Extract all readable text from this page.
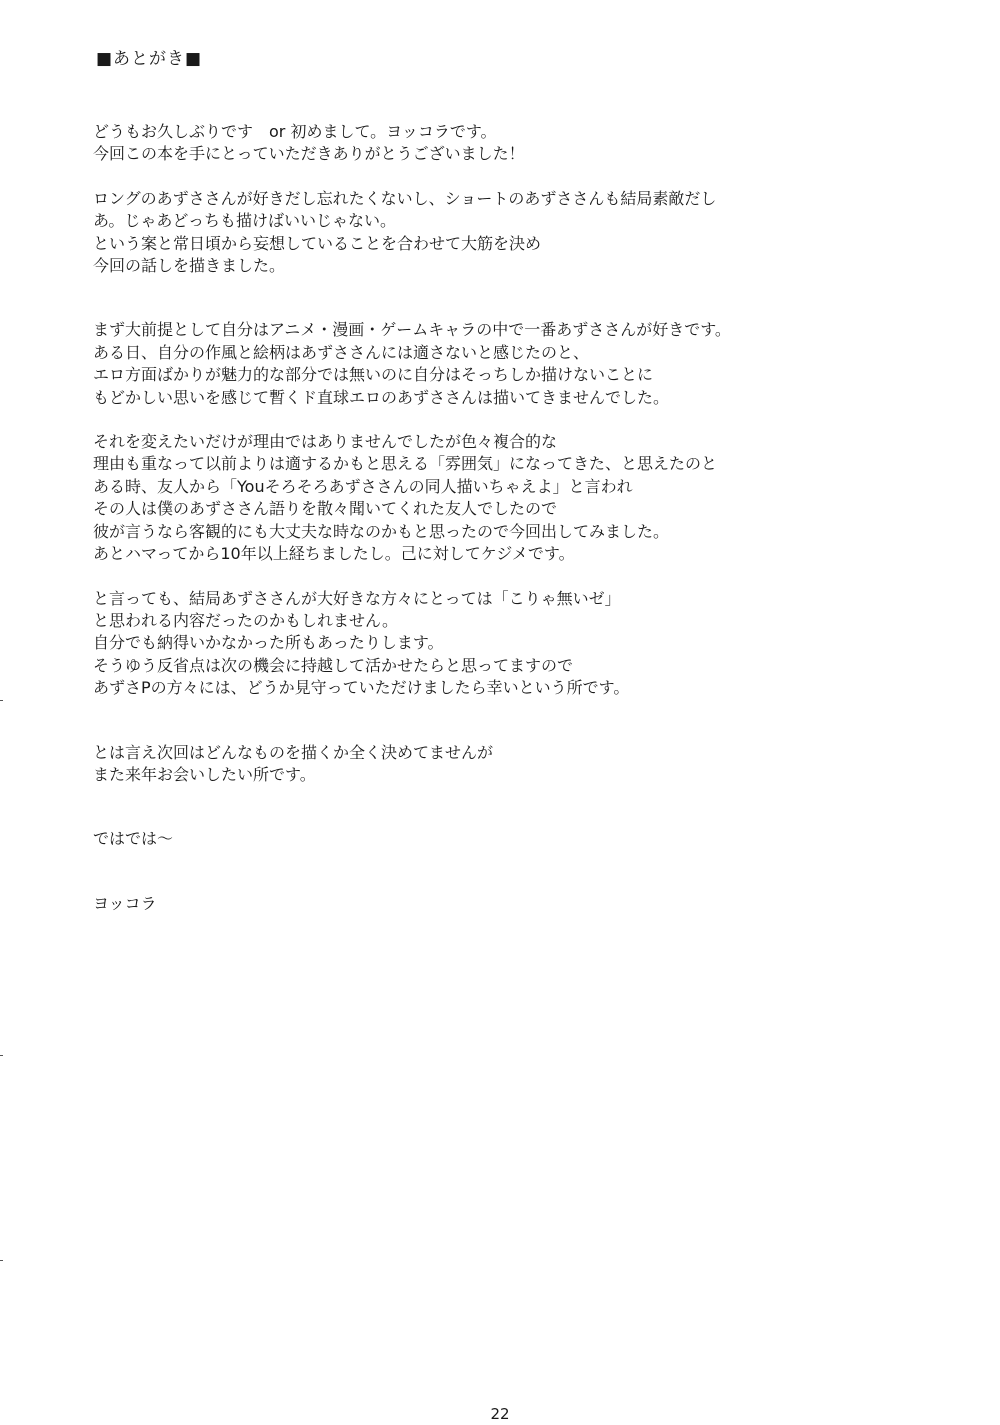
■あとがき■
どうもお久しぶりです　or 初めまして。ヨッコラです。
今回この本を手にとっていただきありがとうございました！
ロングのあずささんが好きだし忘れたくないし、ショートのあずささんも結局素敵だし
あ。じゃあどっちも描けばいいじゃない。
という案と常日頃から妄想していることを合わせて大筋を決め
今回の話しを描きました。
まず大前提として自分はアニメ・漫画・ゲームキャラの中で一番あずささんが好きです。
ある日、自分の作風と絵柄はあずささんには適さないと感じたのと、
エロ方面ばかりが魅力的な部分では無いのに自分はそっちしか描けないことに
もどかしい思いを感じて暫くド直球エロのあずささんは描いてきませんでした。
それを変えたいだけが理由ではありませんでしたが色々複合的な
理由も重なって以前よりは適するかもと思える「雰囲気」になってきた、と思えたのと
ある時、友人から「Youそろそろあずささんの同人描いちゃえよ」と言われ
その人は僕のあずささん語りを散々聞いてくれた友人でしたので
彼が言うなら客観的にも大丈夫な時なのかもと思ったので今回出してみました。
あとハマってから10年以上経ちましたし。己に対してケジメです。
と言っても、結局あずささんが大好きな方々にとっては「こりゃ無いゼ」
と思われる内容だったのかもしれません。
自分でも納得いかなかった所もあったりします。
そうゆう反省点は次の機会に持越して活かせたらと思ってますので
あずさPの方々には、どうか見守っていただけましたら幸いという所です。
とは言え次回はどんなものを描くか全く決めてませんが
また来年お会いしたい所です。
ではでは～
ヨッコラ
22
